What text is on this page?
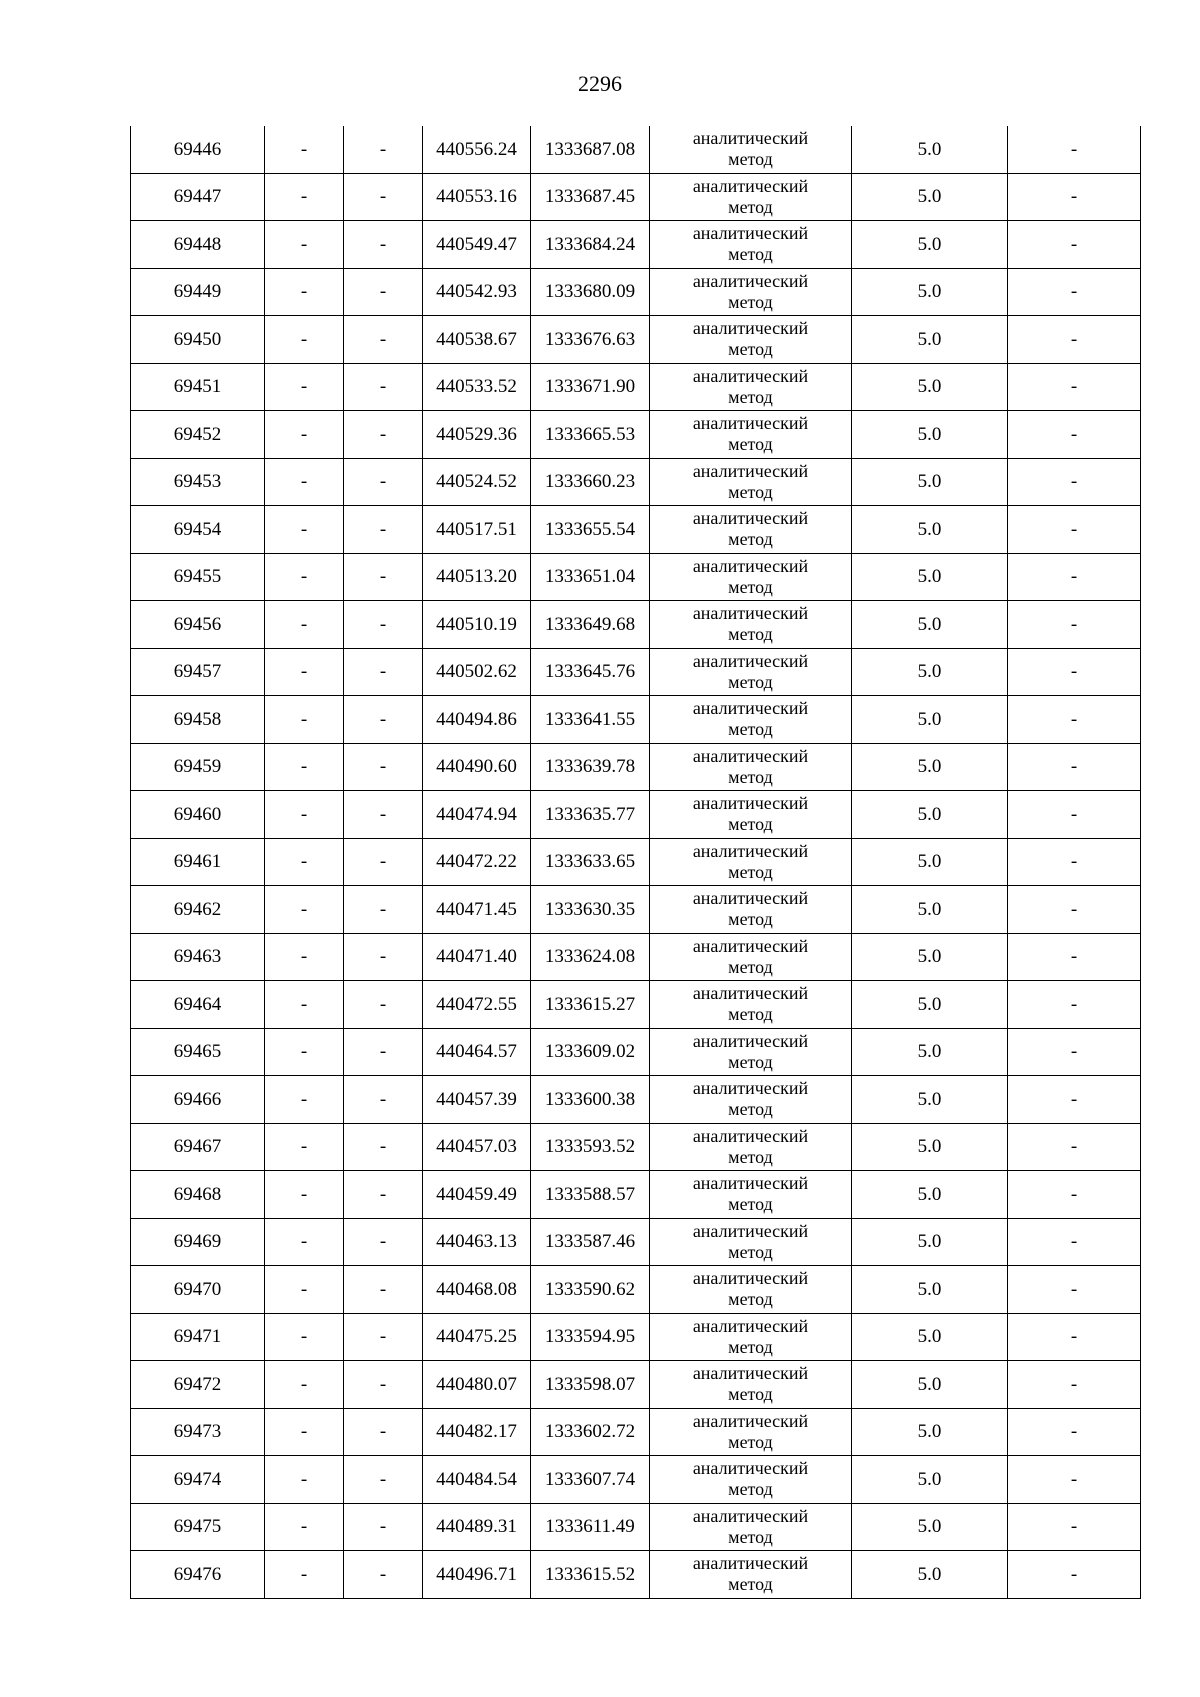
2296
69446	-	-	440556.24	1333687.08	аналитический
метод	5.0	-
69447	-	-	440553.16	1333687.45	аналитический
метод	5.0	-
69448	-	-	440549.47	1333684.24	аналитический
метод	5.0	-
69449	-	-	440542.93	1333680.09	аналитический
метод	5.0	-
69450	-	-	440538.67	1333676.63	аналитический
метод	5.0	-
69451	-	-	440533.52	1333671.90	аналитический
метод	5.0	-
69452	-	-	440529.36	1333665.53	аналитический
метод	5.0	-
69453	-	-	440524.52	1333660.23	аналитический
метод	5.0	-
69454	-	-	440517.51	1333655.54	аналитический
метод	5.0	-
69455	-	-	440513.20	1333651.04	аналитический
метод	5.0	-
69456	-	-	440510.19	1333649.68	аналитический
метод	5.0	-
69457	-	-	440502.62	1333645.76	аналитический
метод	5.0	-
69458	-	-	440494.86	1333641.55	аналитический
метод	5.0	-
69459	-	-	440490.60	1333639.78	аналитический
метод	5.0	-
69460	-	-	440474.94	1333635.77	аналитический
метод	5.0	-
69461	-	-	440472.22	1333633.65	аналитический
метод	5.0	-
69462	-	-	440471.45	1333630.35	аналитический
метод	5.0	-
69463	-	-	440471.40	1333624.08	аналитический
метод	5.0	-
69464	-	-	440472.55	1333615.27	аналитический
метод	5.0	-
69465	-	-	440464.57	1333609.02	аналитический
метод	5.0	-
69466	-	-	440457.39	1333600.38	аналитический
метод	5.0	-
69467	-	-	440457.03	1333593.52	аналитический
метод	5.0	-
69468	-	-	440459.49	1333588.57	аналитический
метод	5.0	-
69469	-	-	440463.13	1333587.46	аналитический
метод	5.0	-
69470	-	-	440468.08	1333590.62	аналитический
метод	5.0	-
69471	-	-	440475.25	1333594.95	аналитический
метод	5.0	-
69472	-	-	440480.07	1333598.07	аналитический
метод	5.0	-
69473	-	-	440482.17	1333602.72	аналитический
метод	5.0	-
69474	-	-	440484.54	1333607.74	аналитический
метод	5.0	-
69475	-	-	440489.31	1333611.49	аналитический
метод	5.0	-
69476	-	-	440496.71	1333615.52	аналитический
метод	5.0	-
